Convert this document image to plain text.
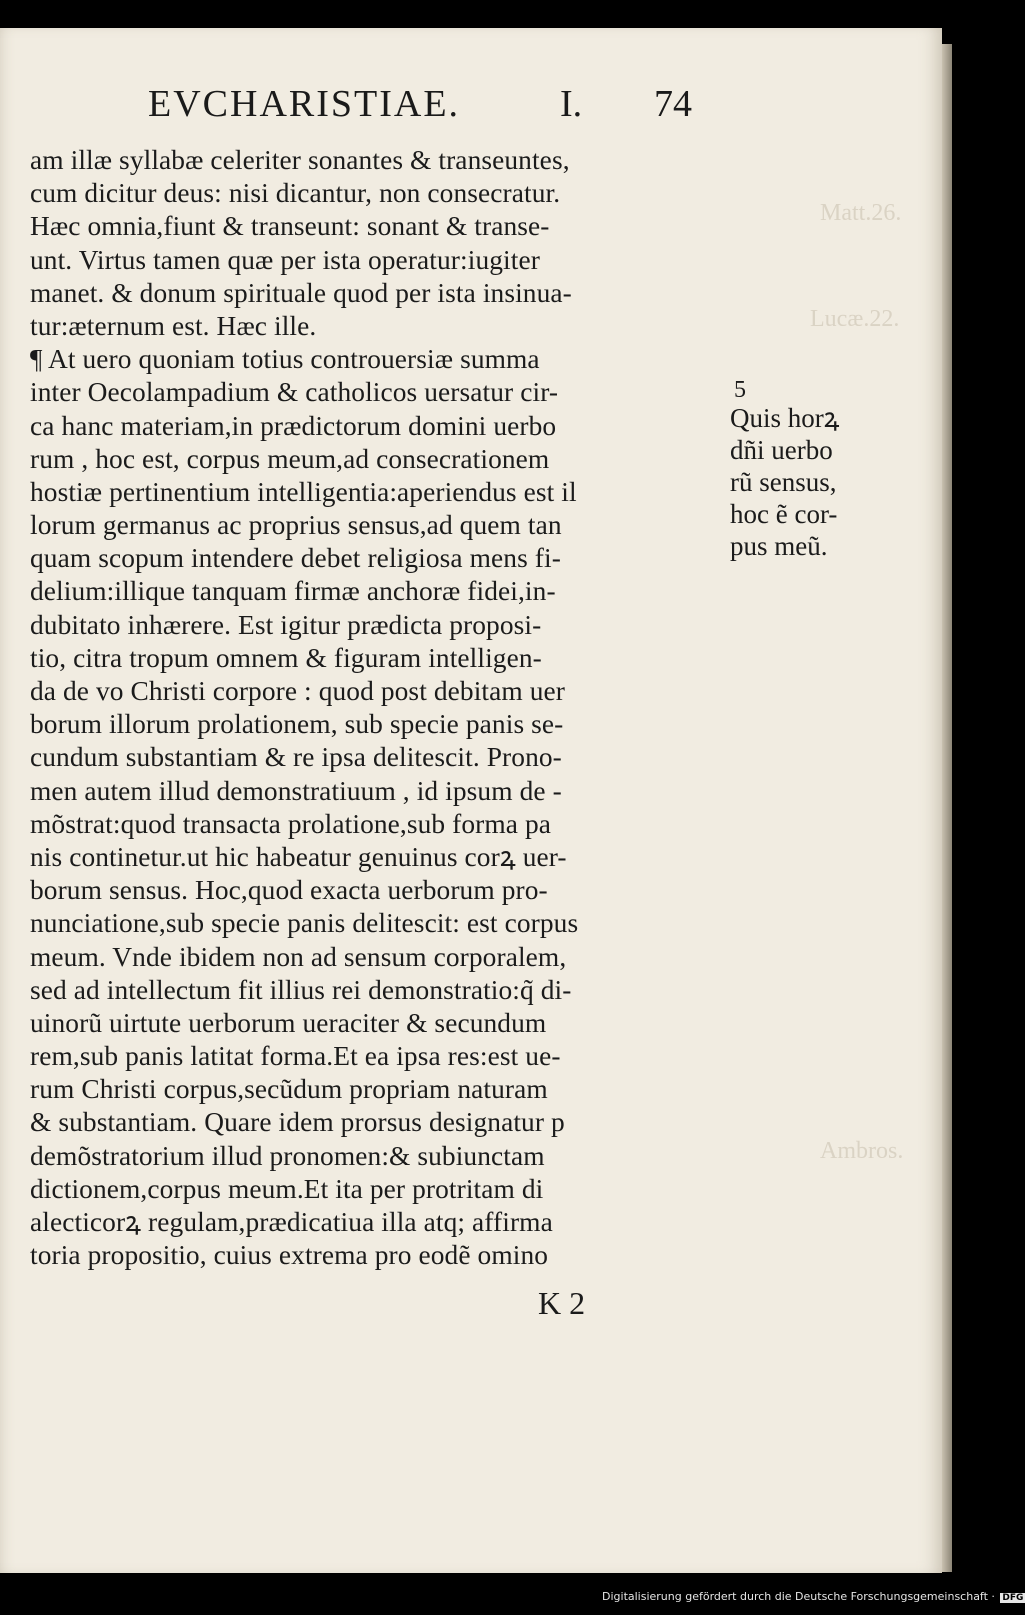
Matt.26.
Lucæ.22.
Ambros.
EVCHARISTIAE.	I. 74
am illæ syllabæ celeriter sonantes & transeuntes,
cum dicitur deus: nisi dicantur, non consecratur.
Hæc omnia,fiunt & transeunt: sonant & transe-
unt. Virtus tamen quæ per ista operatur:iugiter
manet. & donum spirituale quod per ista insinua-
tur:æternum est. Hæc ille.
¶ At uero quoniam totius controuersiæ summa
inter Oecolampadium & catholicos uersatur cir-
ca hanc materiam,in prædictorum domini uerbo
rum , hoc est, corpus meum,ad consecrationem
hostiæ pertinentium intelligentia:aperiendus est il
lorum germanus ac proprius sensus,ad quem tan
quam scopum intendere debet religiosa mens fi-
delium:illique tanquam firmæ anchoræ fidei,in-
dubitato inhærere. Est igitur prædicta proposi-
tio, citra tropum omnem & figuram intelligen-
da de vo Christi corpore : quod post debitam uer
borum illorum prolationem, sub specie panis se-
cundum substantiam & re ipsa delitescit. Prono-
men autem illud demonstratiuum , id ipsum de -
mõstrat:quod transacta prolatione,sub forma pa
nis continetur.ut hic habeatur genuinus corꝝ uer-
borum sensus. Hoc,quod exacta uerborum pro-
nunciatione,sub specie panis delitescit: est corpus
meum. Vnde ibidem non ad sensum corporalem,
sed ad intellectum fit illius rei demonstratio:q̃ di-
uinorũ uirtute uerborum ueraciter & secundum
rem,sub panis latitat forma.Et ea ipsa res:est ue-
rum Christi corpus,secũdum propriam naturam
& substantiam. Quare idem prorsus designatur p
demõstratorium illud pronomen:& subiunctam
dictionem,corpus meum.Et ita per protritam di
alecticorꝝ regulam,prædicatiua illa atq; affirma
toria propositio, cuius extrema pro eodẽ omino
5
Quis horꝝ
dñi uerbo
rũ sensus,
hoc ẽ cor-
pus meũ.
K 2
Digitalisierung gefördert durch die Deutsche Forschungsgemeinschaft · DFG
